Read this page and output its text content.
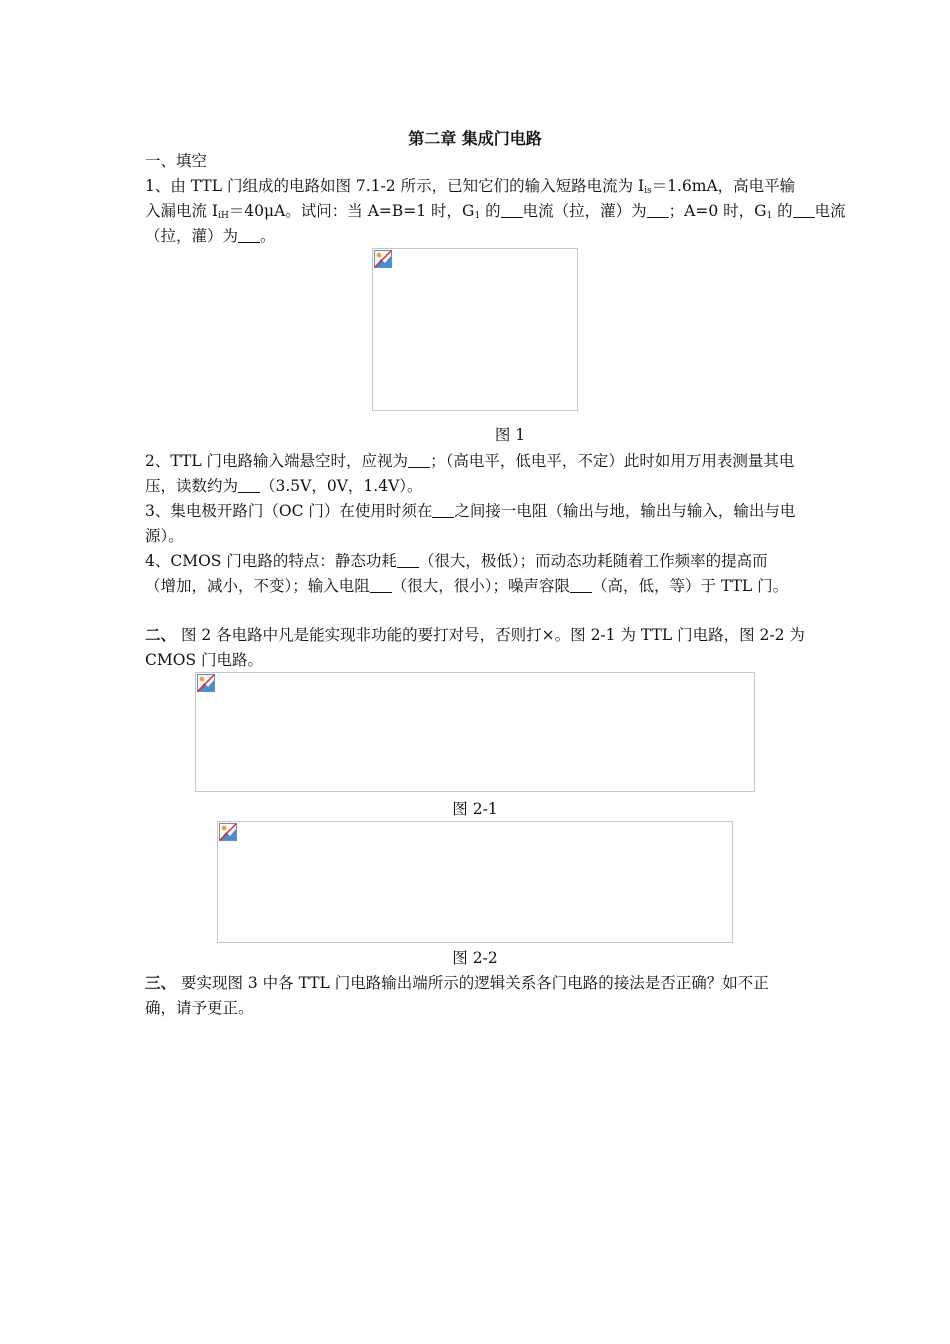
第二章 集成门电路
一、填空
1、由 TTL 门组成的电路如图 7.1-2 所示，已知它们的输入短路电流为 $I_{is}=1.6mA$，高电平输
入漏电流 $I_{iH}=40\mu A$。试问：当 A=B=1 时，$G_1$ 的 电流（拉，灌）为 ；A=0 时，$G_1$ 的 电流
（拉，灌）为 。
图 1
2、TTL 门电路输入端悬空时，应视为 ；（高电平，低电平，不定）此时如用万用表测量其电
压，读数约为 （3.5V，0V，1.4V）。
3、集电极开路门（OC 门）在使用时须在 之间接一电阻（输出与地，输出与输入，输出与电
源）。
4、CMOS 门电路的特点：静态功耗 （很大，极低）；而动态功耗随着工作频率的提高而
（增加，减小，不变）；输入电阻 （很大，很小）；噪声容限 （高，低，等）于 TTL 门。
二、 图 2 各电路中凡是能实现非功能的要打对号，否则打×。图 2-1 为 TTL 门电路，图 2-2 为
CMOS 门电路。
图 2-1
图 2-2
三、 要实现图 3 中各 TTL 门电路输出端所示的逻辑关系各门电路的接法是否正确？如不正
确，请予更正。
